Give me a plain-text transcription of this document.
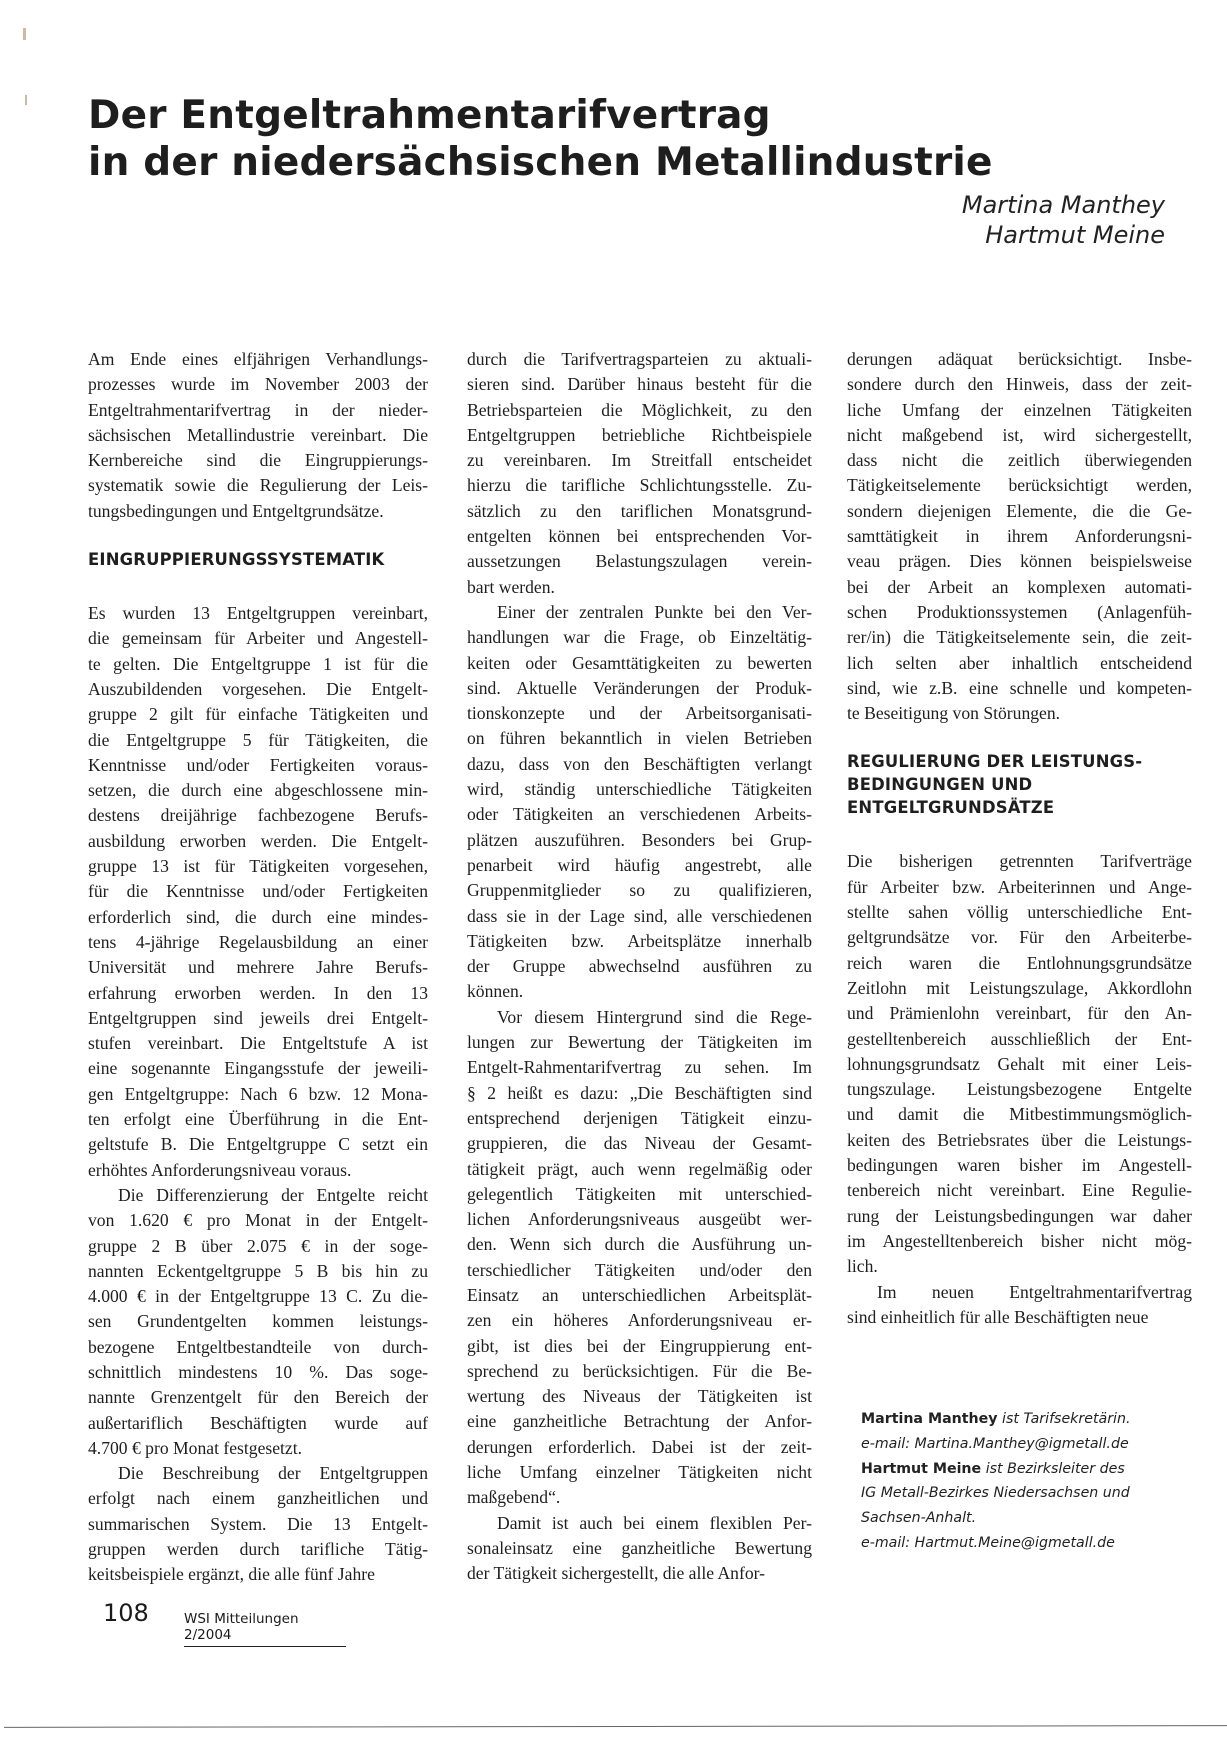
Der Entgeltrahmentarifvertrag
in der niedersächsischen Metallindustrie
Martina Manthey
Hartmut Meine
Am Ende eines elfjährigen Verhandlungs-
prozesses wurde im November 2003 der
Entgeltrahmentarifvertrag in der nieder-
sächsischen Metallindustrie vereinbart. Die
Kernbereiche sind die Eingruppierungs-
systematik sowie die Regulierung der Leis-
tungsbedingungen und Entgeltgrundsätze.
EINGRUPPIERUNGSSYSTEMATIK
Es wurden 13 Entgeltgruppen vereinbart,
die gemeinsam für Arbeiter und Angestell-
te gelten. Die Entgeltgruppe 1 ist für die
Auszubildenden vorgesehen. Die Entgelt-
gruppe 2 gilt für einfache Tätigkeiten und
die Entgeltgruppe 5 für Tätigkeiten, die
Kenntnisse und/oder Fertigkeiten voraus-
setzen, die durch eine abgeschlossene min-
destens dreijährige fachbezogene Berufs-
ausbildung erworben werden. Die Entgelt-
gruppe 13 ist für Tätigkeiten vorgesehen,
für die Kenntnisse und/oder Fertigkeiten
erforderlich sind, die durch eine mindes-
tens 4-jährige Regelausbildung an einer
Universität und mehrere Jahre Berufs-
erfahrung erworben werden. In den 13
Entgeltgruppen sind jeweils drei Entgelt-
stufen vereinbart. Die Entgeltstufe A ist
eine sogenannte Eingangsstufe der jeweili-
gen Entgeltgruppe: Nach 6 bzw. 12 Mona-
ten erfolgt eine Überführung in die Ent-
geltstufe B. Die Entgeltgruppe C setzt ein
erhöhtes Anforderungsniveau voraus.
Die Differenzierung der Entgelte reicht
von 1.620 € pro Monat in der Entgelt-
gruppe 2 B über 2.075 € in der soge-
nannten Eckentgeltgruppe 5 B bis hin zu
4.000 € in der Entgeltgruppe 13 C. Zu die-
sen Grundentgelten kommen leistungs-
bezogene Entgeltbestandteile von durch-
schnittlich mindestens 10 %. Das soge-
nannte Grenzentgelt für den Bereich der
außertariflich Beschäftigten wurde auf
4.700 € pro Monat festgesetzt.
Die Beschreibung der Entgeltgruppen
erfolgt nach einem ganzheitlichen und
summarischen System. Die 13 Entgelt-
gruppen werden durch tarifliche Tätig-
keitsbeispiele ergänzt, die alle fünf Jahre
durch die Tarifvertragsparteien zu aktuali-
sieren sind. Darüber hinaus besteht für die
Betriebsparteien die Möglichkeit, zu den
Entgeltgruppen betriebliche Richtbeispiele
zu vereinbaren. Im Streitfall entscheidet
hierzu die tarifliche Schlichtungsstelle. Zu-
sätzlich zu den tariflichen Monatsgrund-
entgelten können bei entsprechenden Vor-
aussetzungen Belastungszulagen verein-
bart werden.
Einer der zentralen Punkte bei den Ver-
handlungen war die Frage, ob Einzeltätig-
keiten oder Gesamttätigkeiten zu bewerten
sind. Aktuelle Veränderungen der Produk-
tionskonzepte und der Arbeitsorganisati-
on führen bekanntlich in vielen Betrieben
dazu, dass von den Beschäftigten verlangt
wird, ständig unterschiedliche Tätigkeiten
oder Tätigkeiten an verschiedenen Arbeits-
plätzen auszuführen. Besonders bei Grup-
penarbeit wird häufig angestrebt, alle
Gruppenmitglieder so zu qualifizieren,
dass sie in der Lage sind, alle verschiedenen
Tätigkeiten bzw. Arbeitsplätze innerhalb
der Gruppe abwechselnd ausführen zu
können.
Vor diesem Hintergrund sind die Rege-
lungen zur Bewertung der Tätigkeiten im
Entgelt-Rahmentarifvertrag zu sehen. Im
§ 2 heißt es dazu: „Die Beschäftigten sind
entsprechend derjenigen Tätigkeit einzu-
gruppieren, die das Niveau der Gesamt-
tätigkeit prägt, auch wenn regelmäßig oder
gelegentlich Tätigkeiten mit unterschied-
lichen Anforderungsniveaus ausgeübt wer-
den. Wenn sich durch die Ausführung un-
terschiedlicher Tätigkeiten und/oder den
Einsatz an unterschiedlichen Arbeitsplät-
zen ein höheres Anforderungsniveau er-
gibt, ist dies bei der Eingruppierung ent-
sprechend zu berücksichtigen. Für die Be-
wertung des Niveaus der Tätigkeiten ist
eine ganzheitliche Betrachtung der Anfor-
derungen erforderlich. Dabei ist der zeit-
liche Umfang einzelner Tätigkeiten nicht
maßgebend“.
Damit ist auch bei einem flexiblen Per-
sonaleinsatz eine ganzheitliche Bewertung
der Tätigkeit sichergestellt, die alle Anfor-
derungen adäquat berücksichtigt. Insbe-
sondere durch den Hinweis, dass der zeit-
liche Umfang der einzelnen Tätigkeiten
nicht maßgebend ist, wird sichergestellt,
dass nicht die zeitlich überwiegenden
Tätigkeitselemente berücksichtigt werden,
sondern diejenigen Elemente, die die Ge-
samttätigkeit in ihrem Anforderungsni-
veau prägen. Dies können beispielsweise
bei der Arbeit an komplexen automati-
schen Produktionssystemen (Anlagenfüh-
rer/in) die Tätigkeitselemente sein, die zeit-
lich selten aber inhaltlich entscheidend
sind, wie z.B. eine schnelle und kompeten-
te Beseitigung von Störungen.
REGULIERUNG DER LEISTUNGS-
BEDINGUNGEN UND
ENTGELTGRUNDSÄTZE
Die bisherigen getrennten Tarifverträge
für Arbeiter bzw. Arbeiterinnen und Ange-
stellte sahen völlig unterschiedliche Ent-
geltgrundsätze vor. Für den Arbeiterbe-
reich waren die Entlohnungsgrundsätze
Zeitlohn mit Leistungszulage, Akkordlohn
und Prämienlohn vereinbart, für den An-
gestelltenbereich ausschließlich der Ent-
lohnungsgrundsatz Gehalt mit einer Leis-
tungszulage. Leistungsbezogene Entgelte
und damit die Mitbestimmungsmöglich-
keiten des Betriebsrates über die Leistungs-
bedingungen waren bisher im Angestell-
tenbereich nicht vereinbart. Eine Regulie-
rung der Leistungsbedingungen war daher
im Angestelltenbereich bisher nicht mög-
lich.
Im neuen Entgeltrahmentarifvertrag
sind einheitlich für alle Beschäftigten neue
Martina Manthey ist Tarifsekretärin.
e-mail: Martina.Manthey@igmetall.de
Hartmut Meine ist Bezirksleiter des
IG Metall-Bezirkes Niedersachsen und
Sachsen-Anhalt.
e-mail: Hartmut.Meine@igmetall.de
108	WSI Mitteilungen 2/2004
